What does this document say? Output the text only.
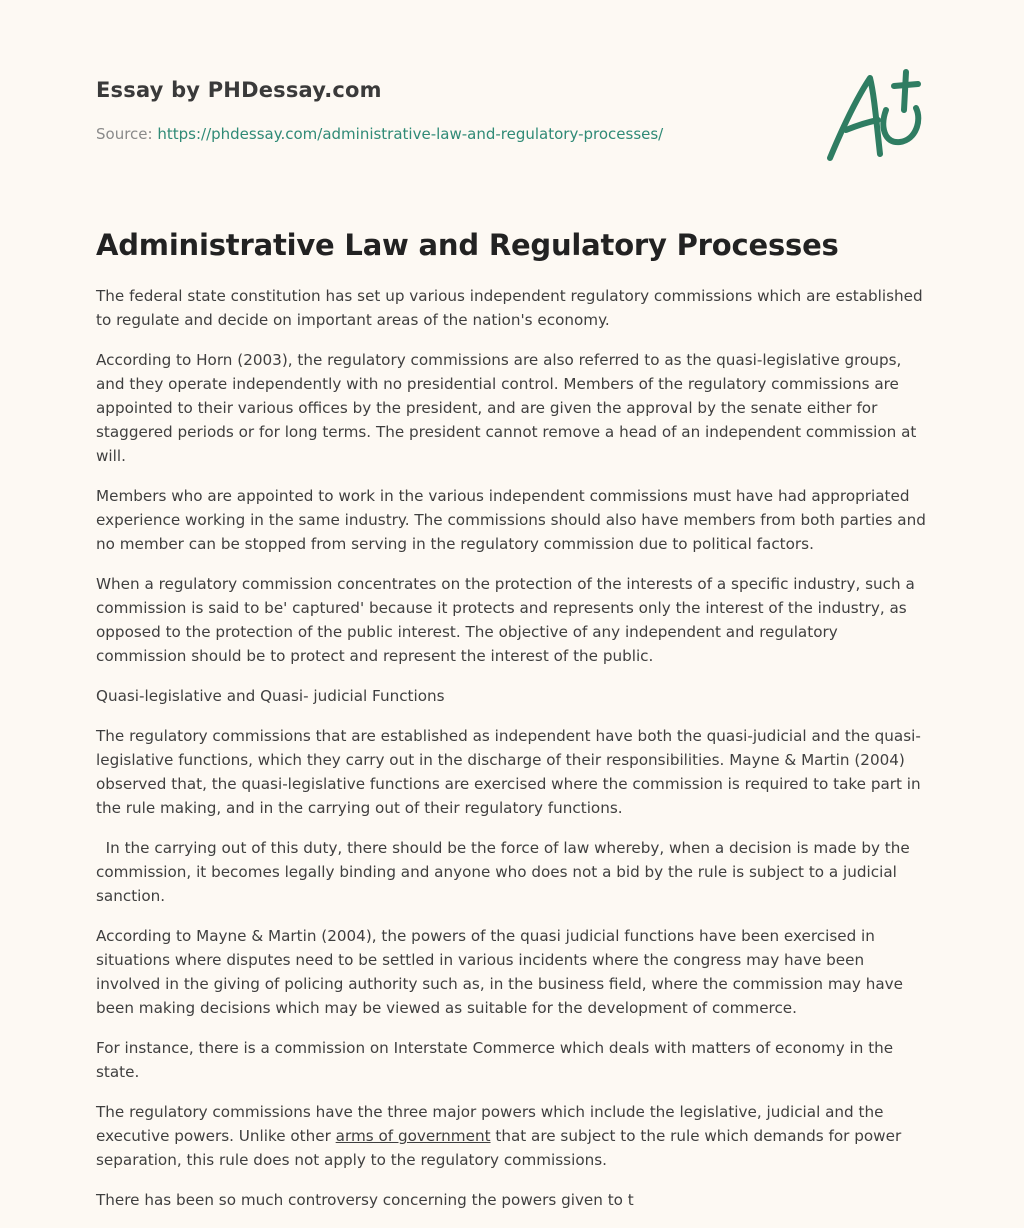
Essay by PHDessay.com
Source: https://phdessay.com/administrative-law-and-regulatory-processes/
Administrative Law and Regulatory Processes

The federal state constitution has set up various independent regulatory commissions which are established to regulate and decide on important areas of the nation's economy.

According to Horn (2003), the regulatory commissions are also referred to as the quasi-legislative groups, and they operate independently with no presidential control. Members of the regulatory commissions are appointed to their various offices by the president, and are given the approval by the senate either for staggered periods or for long terms. The president cannot remove a head of an independent commission at will.

Members who are appointed to work in the various independent commissions must have had appropriated experience working in the same industry. The commissions should also have members from both parties and no member can be stopped from serving in the regulatory commission due to political factors.

When a regulatory commission concentrates on the protection of the interests of a specific industry, such a commission is said to be' captured' because it protects and represents only the interest of the industry, as opposed to the protection of the public interest. The objective of any independent and regulatory commission should be to protect and represent the interest of the public.

Quasi-legislative and Quasi- judicial Functions

The regulatory commissions that are established as independent have both the quasi-judicial and the quasi-legislative functions, which they carry out in the discharge of their responsibilities. Mayne & Martin (2004) observed that, the quasi-legislative functions are exercised where the commission is required to take part in the rule making, and in the carrying out of their regulatory functions.

In the carrying out of this duty, there should be the force of law whereby, when a decision is made by the commission, it becomes legally binding and anyone who does not a bid by the rule is subject to a judicial sanction.

According to Mayne & Martin (2004), the powers of the quasi judicial functions have been exercised in situations where disputes need to be settled in various incidents where the congress may have been involved in the giving of policing authority such as, in the business field, where the commission may have been making decisions which may be viewed as suitable for the development of commerce.

For instance, there is a commission on Interstate Commerce which deals with matters of economy in the state.

The regulatory commissions have the three major powers which include the legislative, judicial and the executive powers. Unlike other arms of government that are subject to the rule which demands for power separation, this rule does not apply to the regulatory commissions.

There has been so much controversy concerning the powers given to t
